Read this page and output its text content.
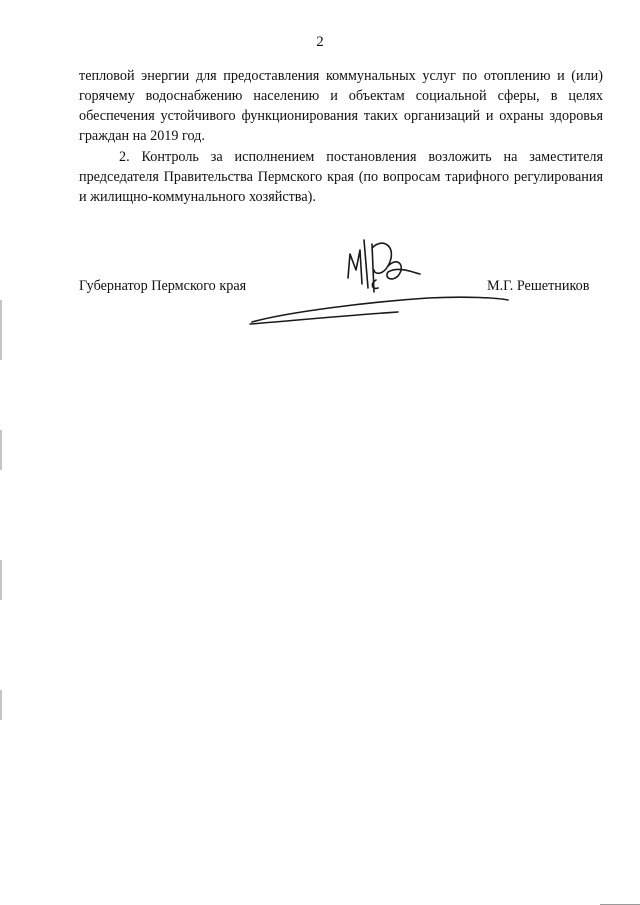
2

тепловой энергии для предоставления коммунальных услуг по отоплению и (или) горячему водоснабжению населению и объектам социальной сферы, в целях обеспечения устойчивого функционирования таких организаций и охраны здоровья граждан на 2019 год.

2. Контроль за исполнением постановления возложить на заместителя председателя Правительства Пермского края (по вопросам тарифного регулирования и жилищно-коммунального хозяйства).

Губернатор Пермского края	М.Г. Решетников
